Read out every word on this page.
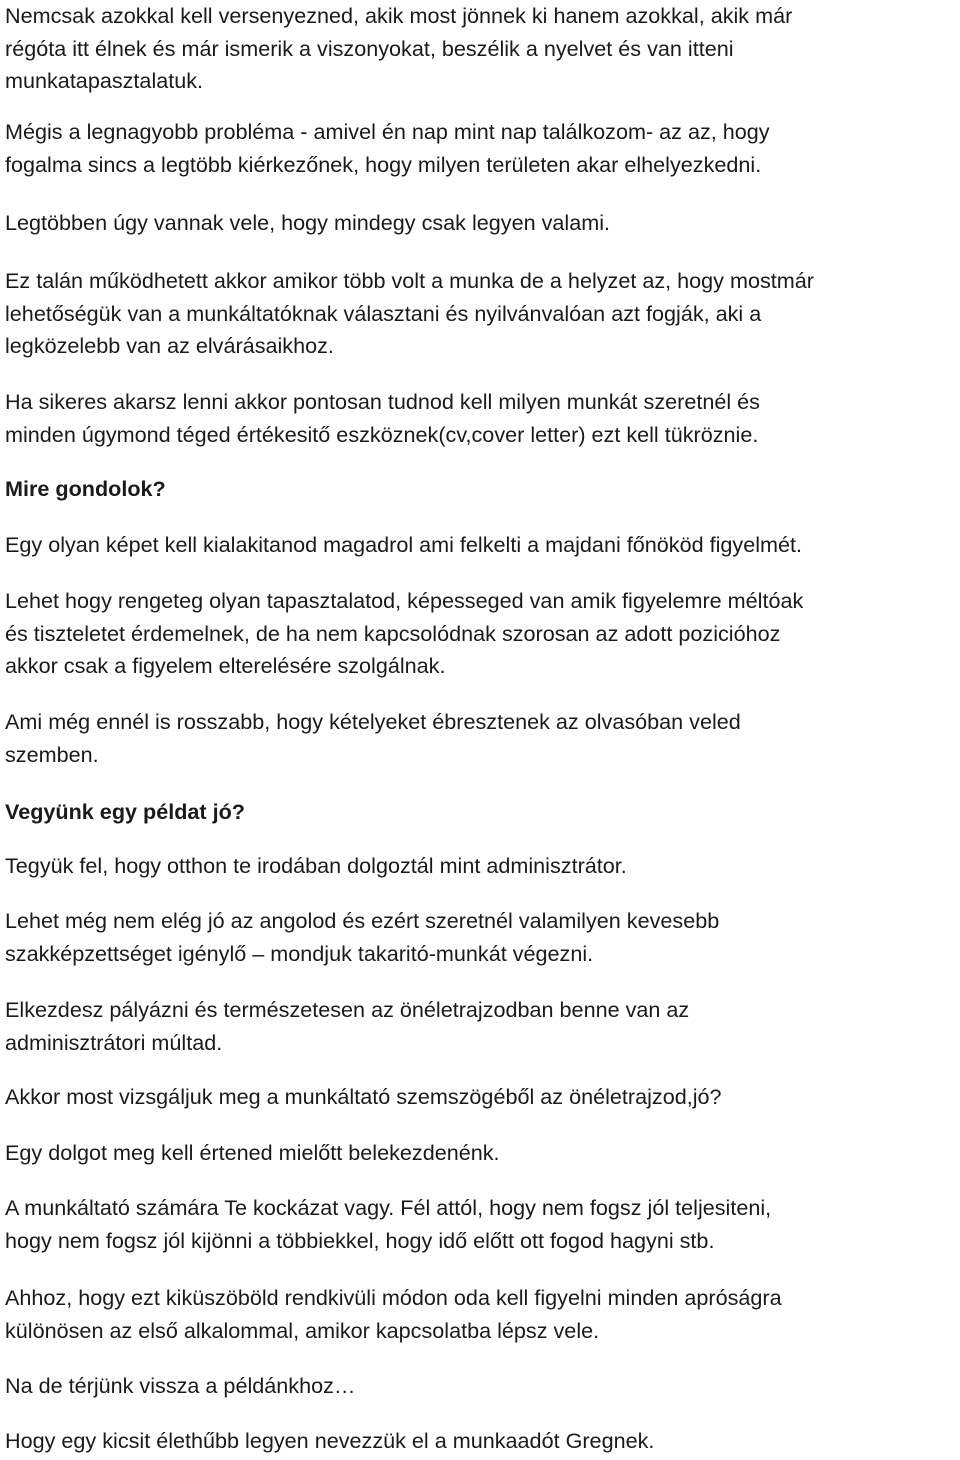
Nemcsak azokkal kell versenyezned, akik most jönnek ki hanem azokkal, akik már
régóta itt élnek és már ismerik a viszonyokat, beszélik a nyelvet és van itteni
munkatapasztalatuk.

Mégis a legnagyobb probléma - amivel én nap mint nap találkozom- az az, hogy
fogalma sincs a legtöbb kiérkezőnek, hogy milyen területen akar elhelyezkedni.

Legtöbben úgy vannak vele, hogy mindegy csak legyen valami.

Ez talán működhetett akkor amikor több volt a munka de a helyzet az, hogy mostmár
lehetőségük van a munkáltatóknak választani és nyilvánvalóan azt fogják, aki a
legközelebb van az elvárásaikhoz.

Ha sikeres akarsz lenni akkor pontosan tudnod kell milyen munkát szeretnél és
minden úgymond téged értékesitő eszköznek(cv,cover letter) ezt kell tükröznie.

Mire gondolok?

Egy olyan képet kell kialakitanod magadrol ami felkelti a majdani főnököd figyelmét.

Lehet hogy rengeteg olyan tapasztalatod, képesseged van amik figyelemre méltóak
és tiszteletet érdemelnek, de ha nem kapcsolódnak szorosan az adott pozicióhoz
akkor csak a figyelem elterelésére szolgálnak.

Ami még ennél is rosszabb, hogy kételyeket ébresztenek az olvasóban veled
szemben.

Vegyünk egy példat jó?

Tegyük fel, hogy otthon te irodában dolgoztál mint adminisztrátor.

Lehet még nem elég jó az angolod és ezért szeretnél valamilyen kevesebb
szakképzettséget igénylő – mondjuk takaritó-munkát végezni.

Elkezdesz pályázni és természetesen az önéletrajzodban benne van az
adminisztrátori múltad.

Akkor most vizsgáljuk meg a munkáltató szemszögéből az önéletrajzod,jó?

Egy dolgot meg kell értened mielőtt belekezdenénk.

A munkáltató számára Te kockázat vagy. Fél attól, hogy nem fogsz jól teljesiteni,
hogy nem fogsz jól kijönni a többiekkel, hogy idő előtt ott fogod hagyni stb.

Ahhoz, hogy ezt kiküszöböld rendkivüli módon oda kell figyelni minden apróságra
különösen az első alkalommal, amikor kapcsolatba lépsz vele.

Na de térjünk vissza a példánkhoz…

Hogy egy kicsit élethűbb legyen nevezzük el a munkaadót Gregnek.
